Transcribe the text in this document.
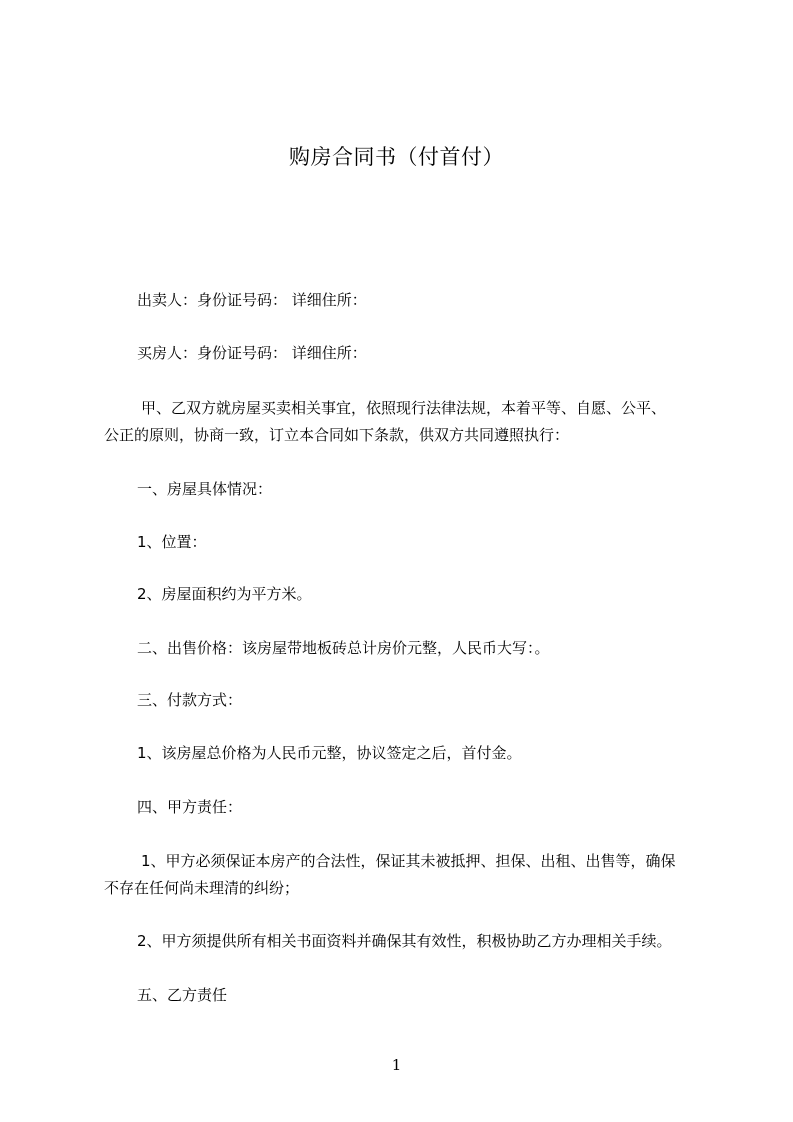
购房合同书（付首付）
出卖人：身份证号码： 详细住所：
买房人：身份证号码： 详细住所：
甲、乙双方就房屋买卖相关事宜，依照现行法律法规，本着平等、自愿、公平、
公正的原则，协商一致，订立本合同如下条款，供双方共同遵照执行：
一、房屋具体情况：
1、位置：
2、房屋面积约为平方米。
二、出售价格：该房屋带地板砖总计房价元整，人民币大写：。
三、付款方式：
1、该房屋总价格为人民币元整，协议签定之后，首付金。
四、甲方责任：
1、甲方必须保证本房产的合法性，保证其未被抵押、担保、出租、出售等，确保
不存在任何尚未理清的纠纷；
2、甲方须提供所有相关书面资料并确保其有效性，积极协助乙方办理相关手续。
五、乙方责任
1
